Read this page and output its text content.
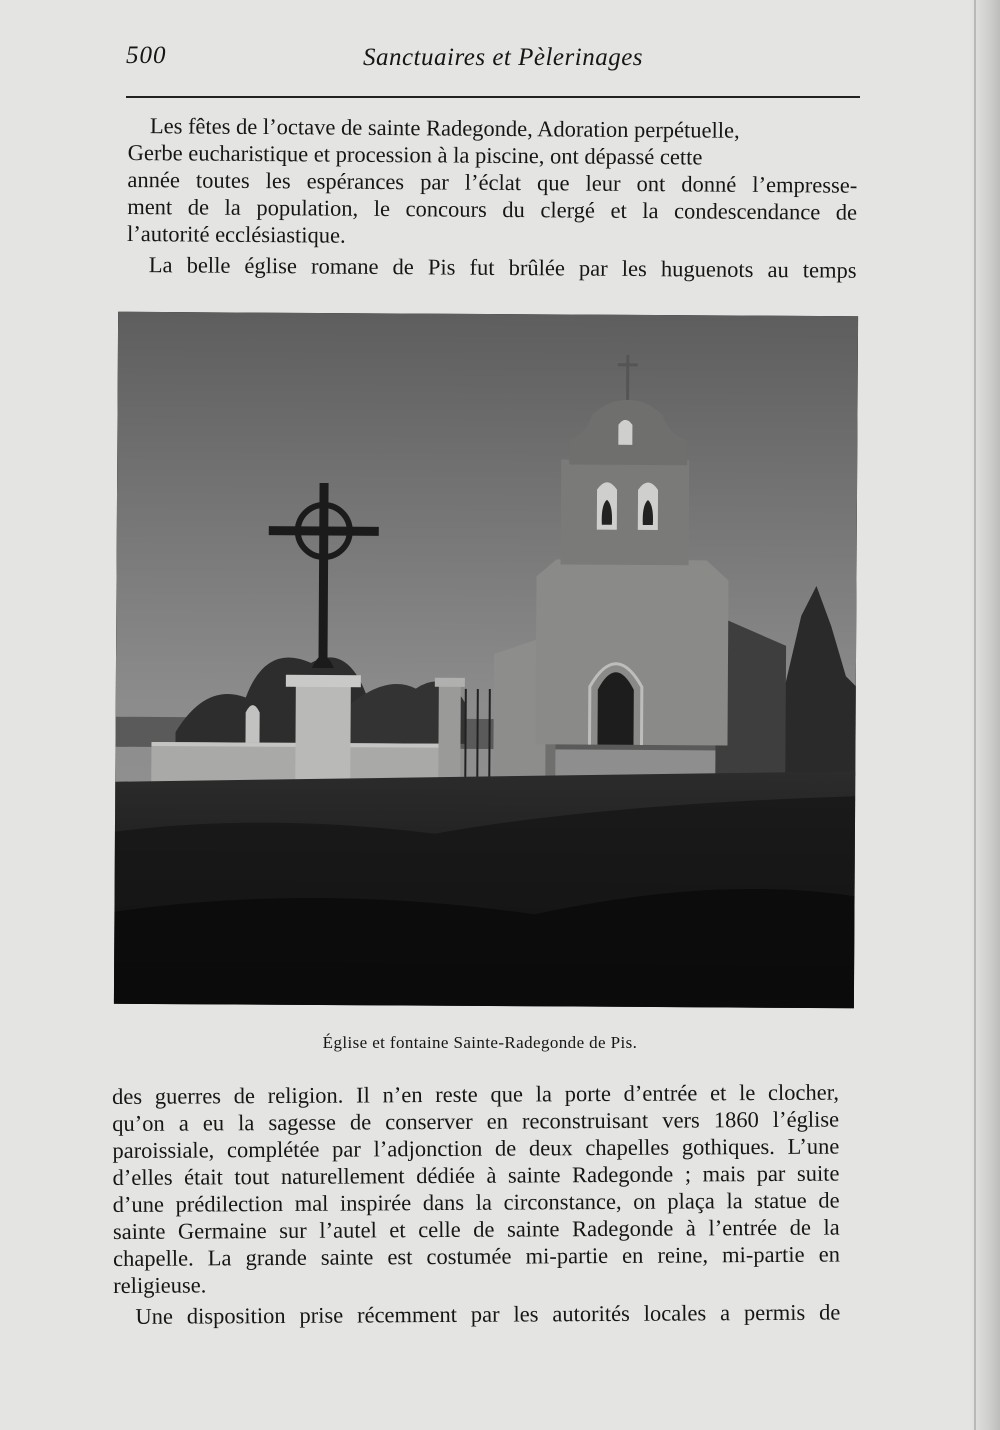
500	Sanctuaires et Pèlerinages
Les fêtes de l’octave de sainte Radegonde, Adoration perpétuelle,
Gerbe eucharistique et procession à la piscine, ont dépassé cette
année toutes les espérances par l’éclat que leur ont donné l’empresse-
ment de la population, le concours du clergé et la condescendance de
l’autorité ecclésiastique.
La belle église romane de Pis fut brûlée par les huguenots au temps
Église et fontaine Sainte-Radegonde de Pis.
des guerres de religion. Il n’en reste que la porte d’entrée et le clocher,
qu’on a eu la sagesse de conserver en reconstruisant vers 1860 l’église
paroissiale, complétée par l’adjonction de deux chapelles gothiques. L’une
d’elles était tout naturellement dédiée à sainte Radegonde ; mais par suite
d’une prédilection mal inspirée dans la circonstance, on plaça la statue de
sainte Germaine sur l’autel et celle de sainte Radegonde à l’entrée de la
chapelle. La grande sainte est costumée mi-partie en reine, mi-partie en
religieuse.
Une disposition prise récemment par les autorités locales a permis de
